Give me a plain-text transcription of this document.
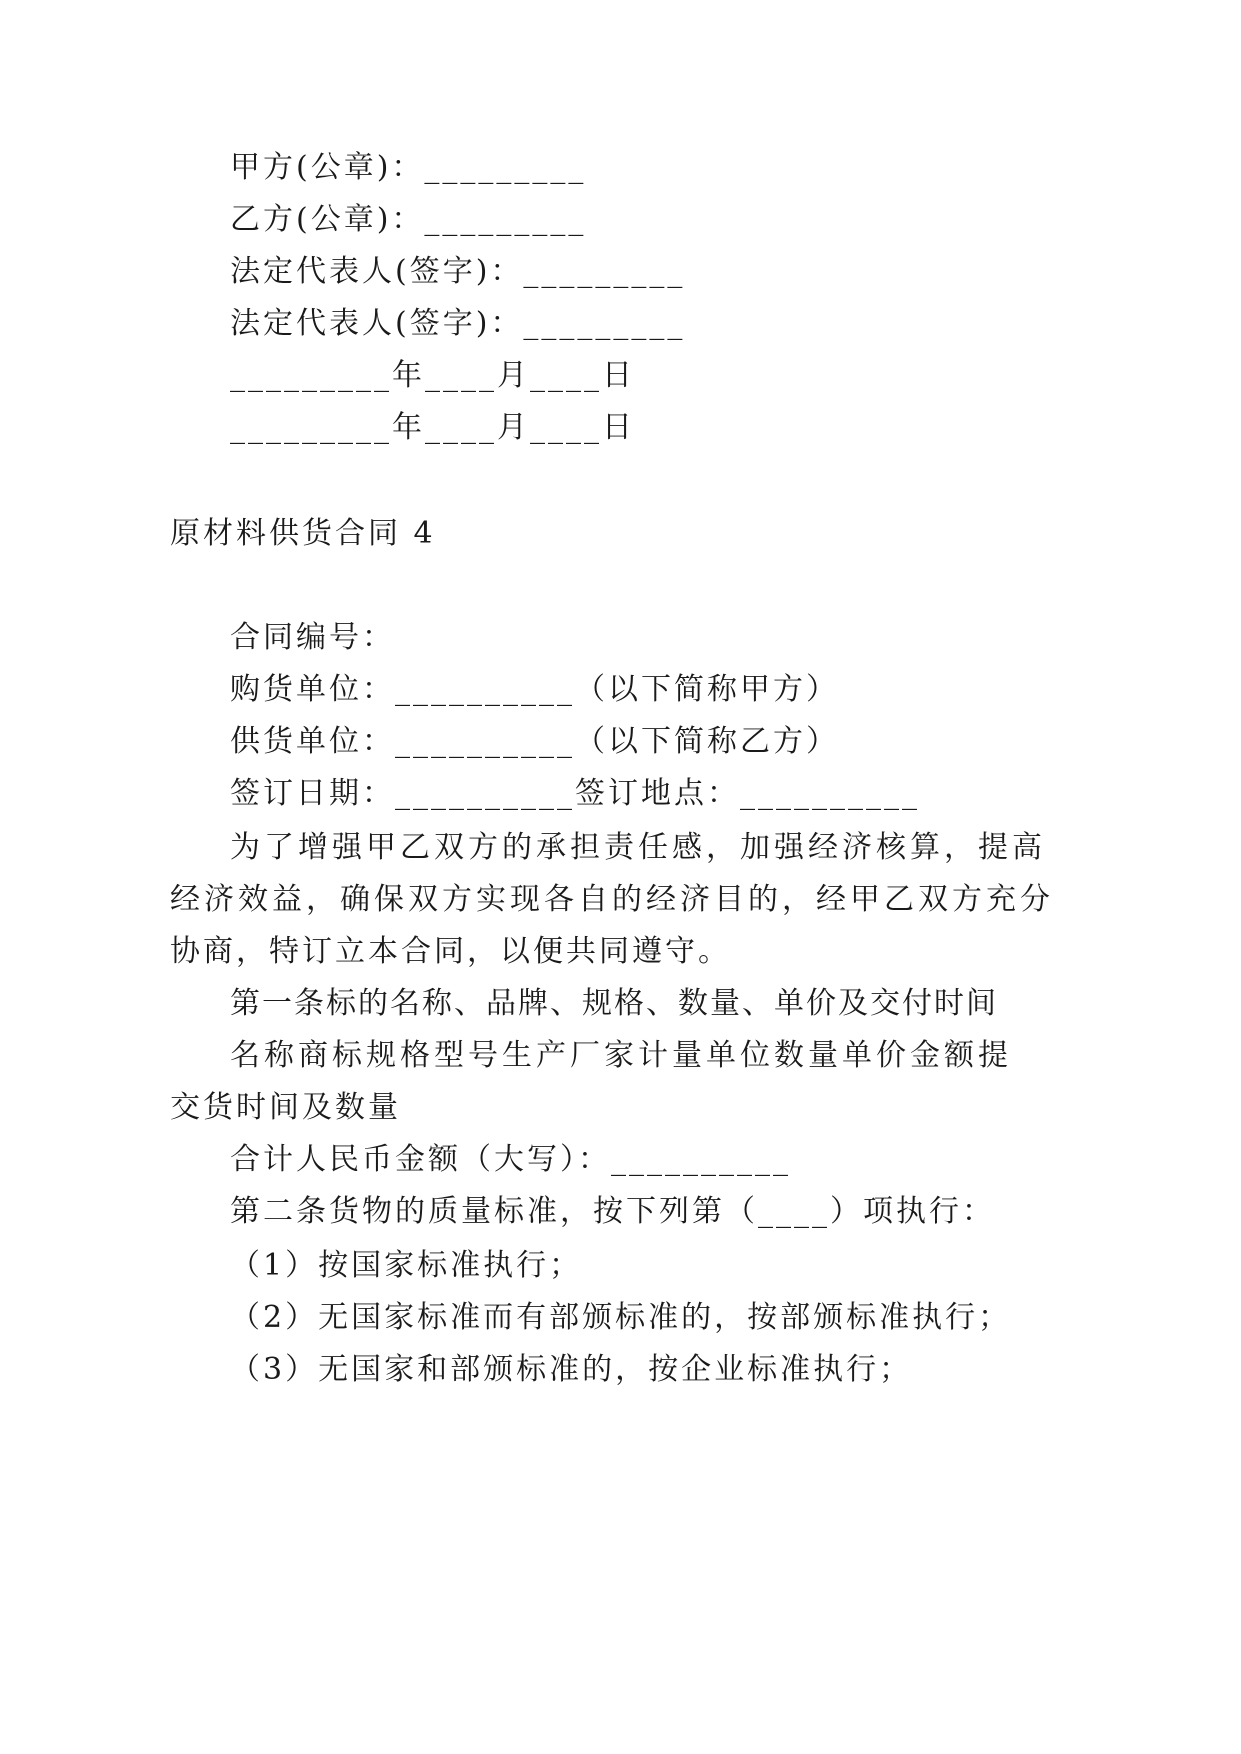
甲方(公章)：_________
乙方(公章)：_________
法定代表人(签字)：_________
法定代表人(签字)：_________
_________年____月____日
_________年____月____日
原材料供货合同 4
合同编号：
购货单位：__________（以下简称甲方）
供货单位：__________（以下简称乙方）
签订日期：__________签订地点：__________
为了增强甲乙双方的承担责任感，加强经济核算，提高
经济效益，确保双方实现各自的经济目的，经甲乙双方充分
协商，特订立本合同，以便共同遵守。
第一条标的名称、品牌、规格、数量、单价及交付时间
名称商标规格型号生产厂家计量单位数量单价金额提
交货时间及数量
合计人民币金额（大写）：__________
第二条货物的质量标准，按下列第（____）项执行：
（1）按国家标准执行；
（2）无国家标准而有部颁标准的，按部颁标准执行；
（3）无国家和部颁标准的，按企业标准执行；
